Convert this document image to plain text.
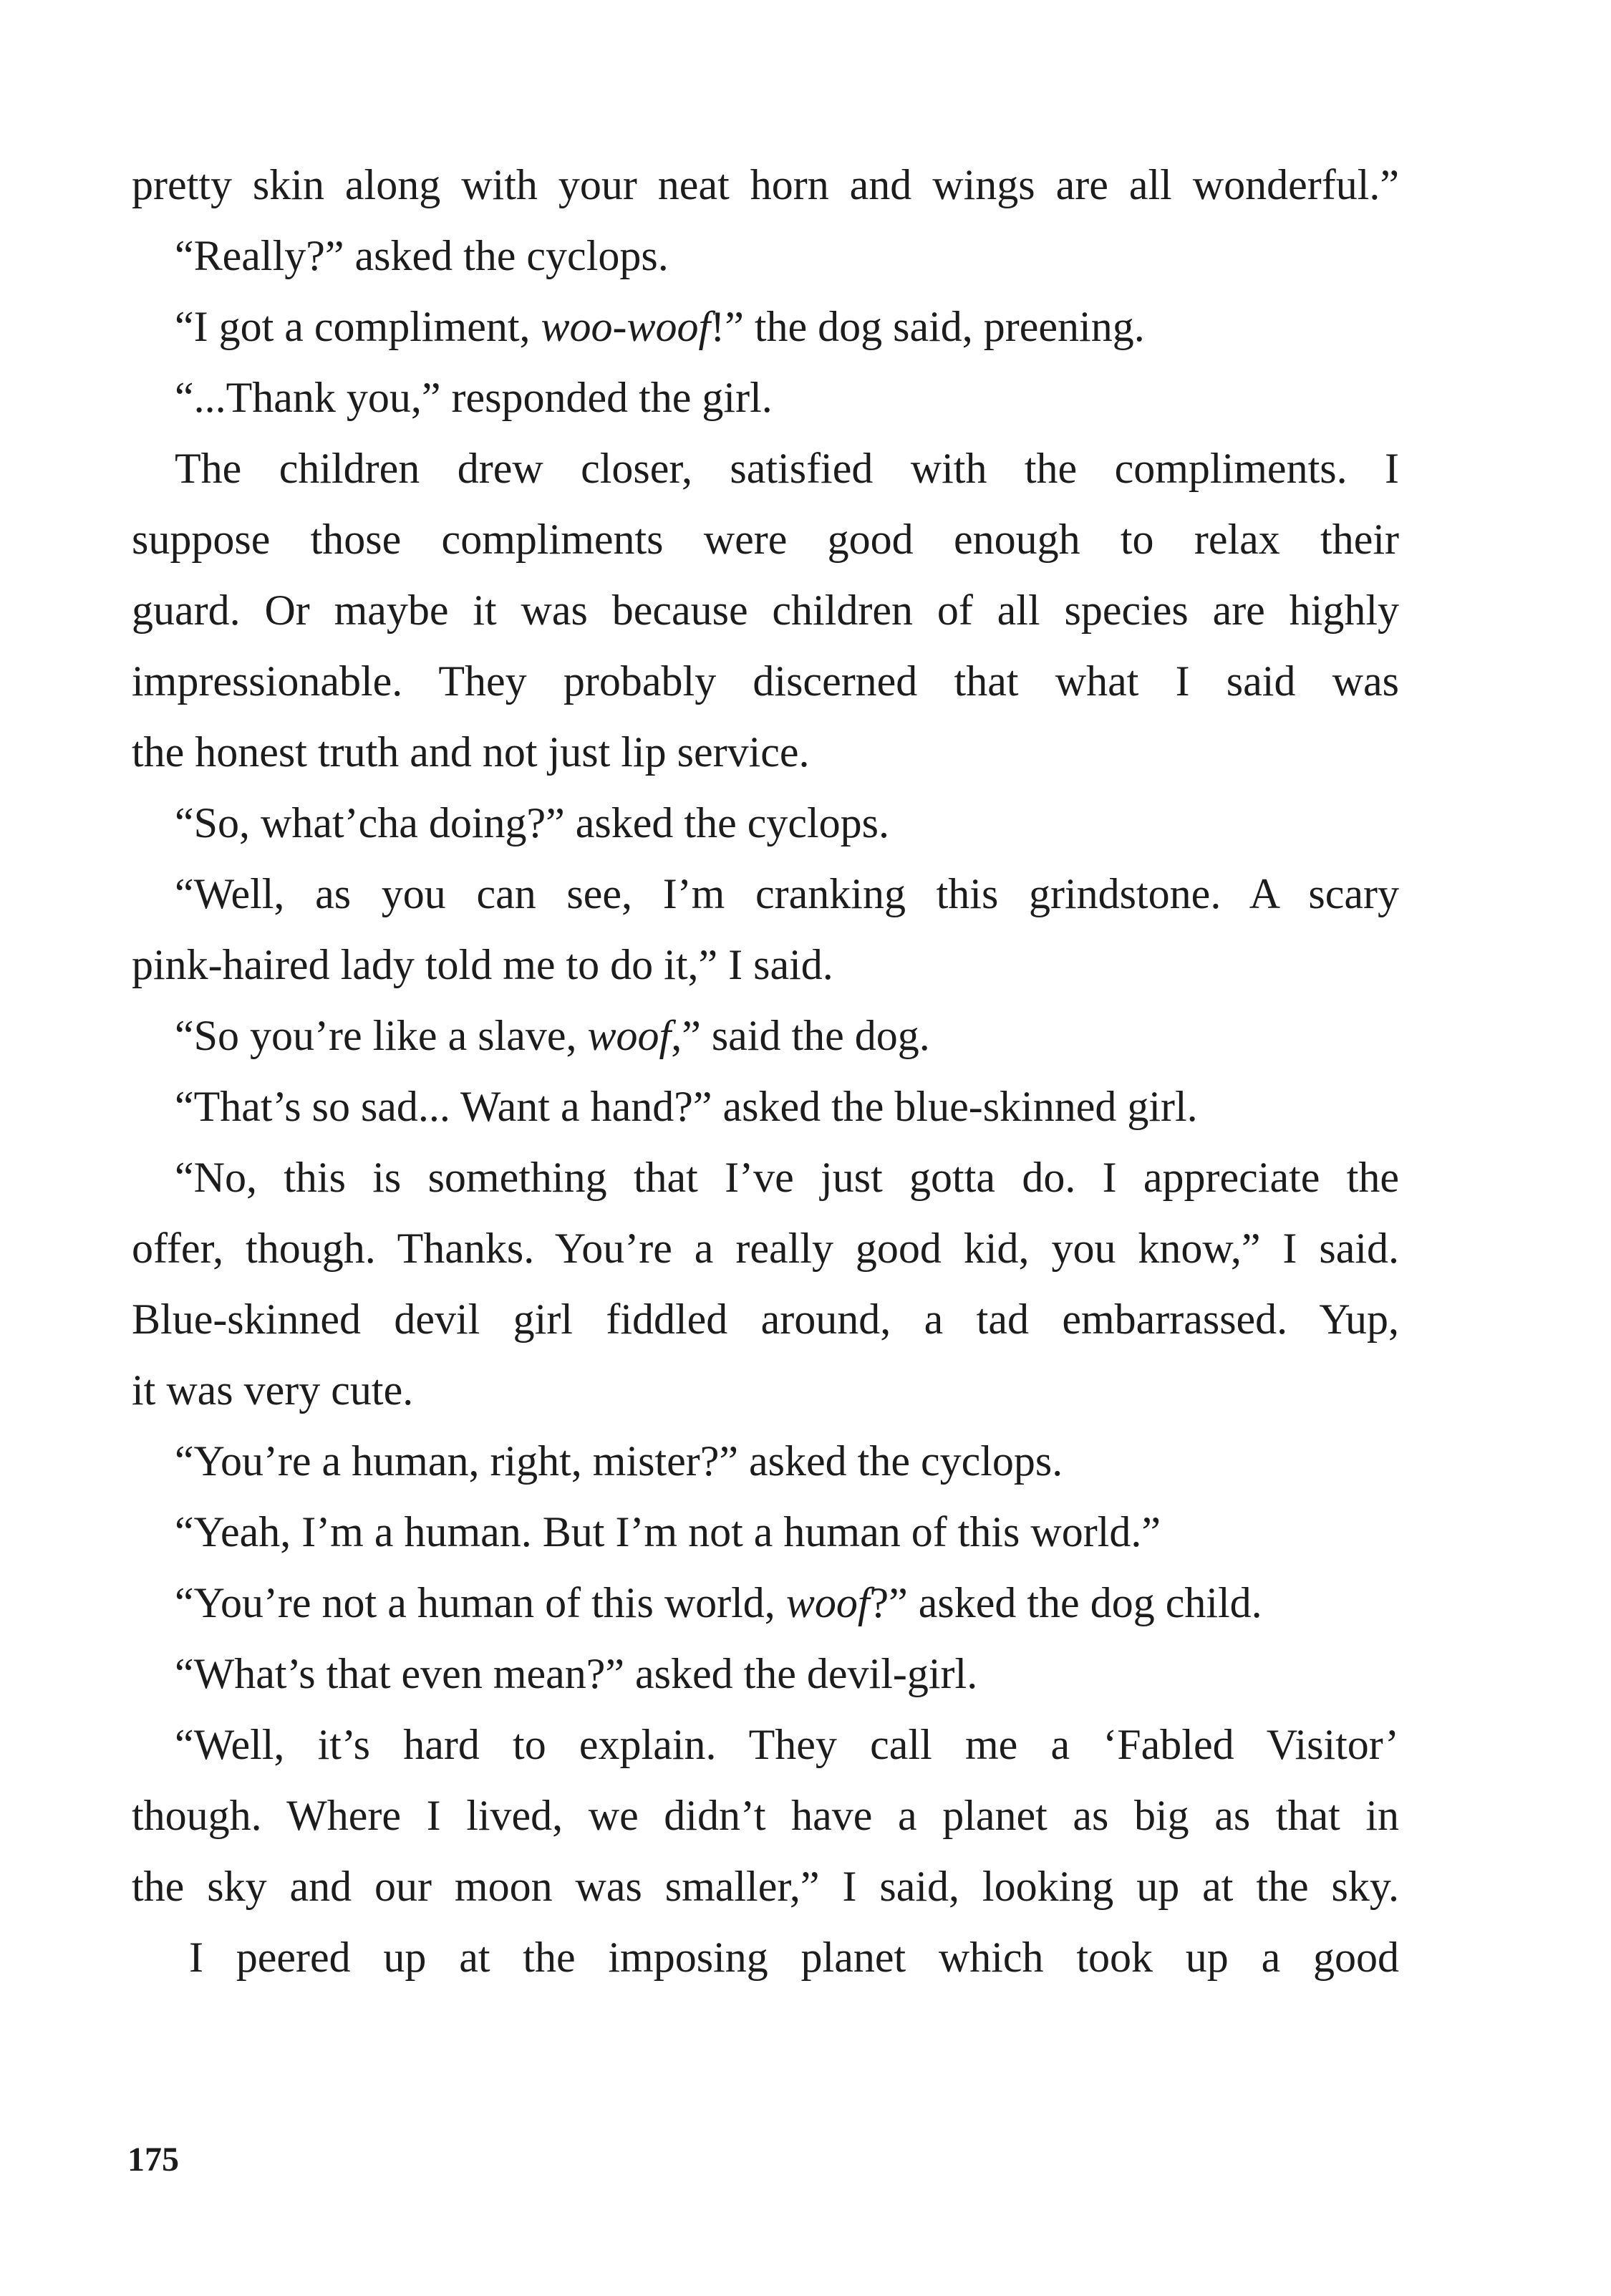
pretty skin along with your neat horn and wings are all wonderful.”
“Really?” asked the cyclops.
“I got a compliment, woo-woof!” the dog said, preening.
“...Thank you,” responded the girl.
The children drew closer, satisfied with the compliments. I
suppose those compliments were good enough to relax their
guard. Or maybe it was because children of all species are highly
impressionable. They probably discerned that what I said was
the honest truth and not just lip service.
“So, what’cha doing?” asked the cyclops.
“Well, as you can see, I’m cranking this grindstone. A scary
pink-haired lady told me to do it,” I said.
“So you’re like a slave, woof,” said the dog.
“That’s so sad... Want a hand?” asked the blue-skinned girl.
“No, this is something that I’ve just gotta do. I appreciate the
offer, though. Thanks. You’re a really good kid, you know,” I said.
Blue-skinned devil girl fiddled around, a tad embarrassed. Yup,
it was very cute.
“You’re a human, right, mister?” asked the cyclops.
“Yeah, I’m a human. But I’m not a human of this world.”
“You’re not a human of this world, woof?” asked the dog child.
“What’s that even mean?” asked the devil-girl.
“Well, it’s hard to explain. They call me a ‘Fabled Visitor’
though. Where I lived, we didn’t have a planet as big as that in
the sky and our moon was smaller,” I said, looking up at the sky.
I peered up at the imposing planet which took up a good
175
